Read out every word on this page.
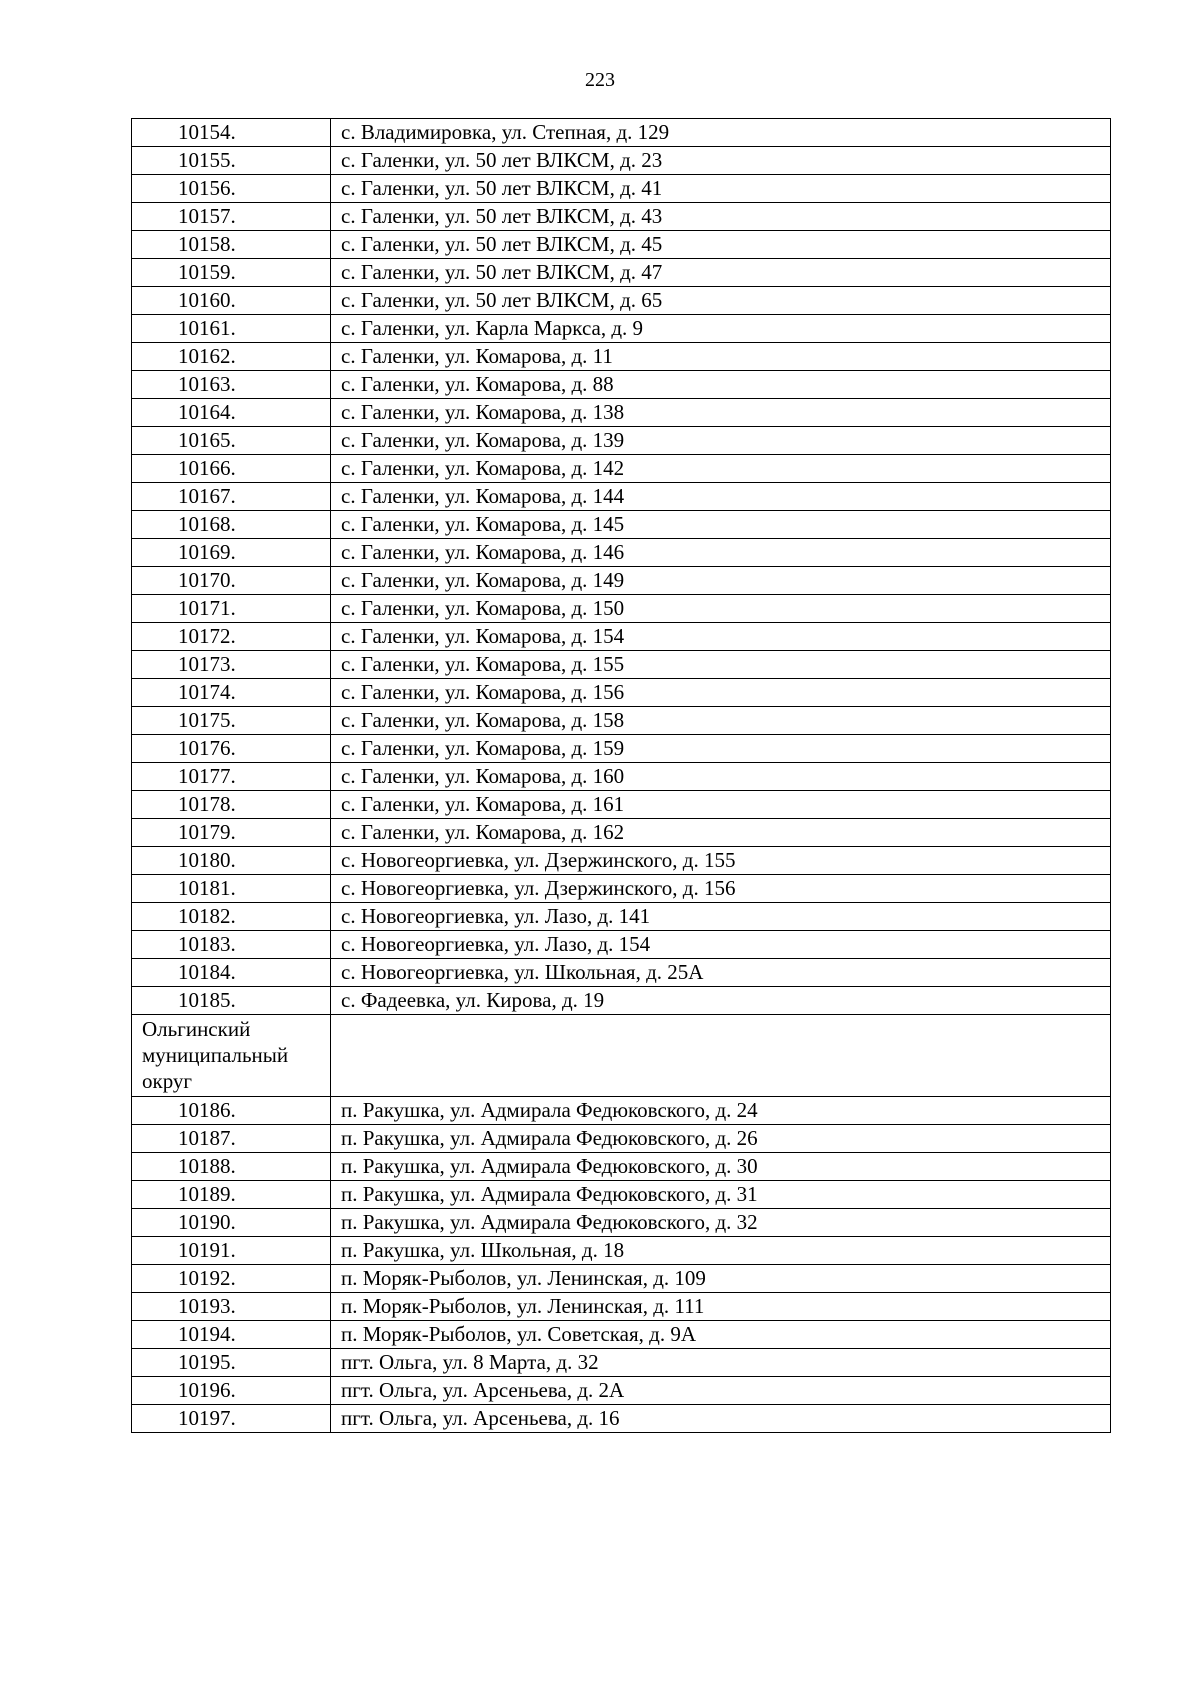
223
10154.	с. Владимировка, ул. Степная, д. 129
10155.	с. Галенки, ул. 50 лет ВЛКСМ, д. 23
10156.	с. Галенки, ул. 50 лет ВЛКСМ, д. 41
10157.	с. Галенки, ул. 50 лет ВЛКСМ, д. 43
10158.	с. Галенки, ул. 50 лет ВЛКСМ, д. 45
10159.	с. Галенки, ул. 50 лет ВЛКСМ, д. 47
10160.	с. Галенки, ул. 50 лет ВЛКСМ, д. 65
10161.	с. Галенки, ул. Карла Маркса, д. 9
10162.	с. Галенки, ул. Комарова, д. 11
10163.	с. Галенки, ул. Комарова, д. 88
10164.	с. Галенки, ул. Комарова, д. 138
10165.	с. Галенки, ул. Комарова, д. 139
10166.	с. Галенки, ул. Комарова, д. 142
10167.	с. Галенки, ул. Комарова, д. 144
10168.	с. Галенки, ул. Комарова, д. 145
10169.	с. Галенки, ул. Комарова, д. 146
10170.	с. Галенки, ул. Комарова, д. 149
10171.	с. Галенки, ул. Комарова, д. 150
10172.	с. Галенки, ул. Комарова, д. 154
10173.	с. Галенки, ул. Комарова, д. 155
10174.	с. Галенки, ул. Комарова, д. 156
10175.	с. Галенки, ул. Комарова, д. 158
10176.	с. Галенки, ул. Комарова, д. 159
10177.	с. Галенки, ул. Комарова, д. 160
10178.	с. Галенки, ул. Комарова, д. 161
10179.	с. Галенки, ул. Комарова, д. 162
10180.	с. Новогеоргиевка, ул. Дзержинского, д. 155
10181.	с. Новогеоргиевка, ул. Дзержинского, д. 156
10182.	с. Новогеоргиевка, ул. Лазо, д. 141
10183.	с. Новогеоргиевка, ул. Лазо, д. 154
10184.	с. Новогеоргиевка, ул. Школьная, д. 25А
10185.	с. Фадеевка, ул. Кирова, д. 19

Ольгинский
муниципальный
округ	

10186.	п. Ракушка, ул. Адмирала Федюковского, д. 24
10187.	п. Ракушка, ул. Адмирала Федюковского, д. 26
10188.	п. Ракушка, ул. Адмирала Федюковского, д. 30
10189.	п. Ракушка, ул. Адмирала Федюковского, д. 31
10190.	п. Ракушка, ул. Адмирала Федюковского, д. 32
10191.	п. Ракушка, ул. Школьная, д. 18
10192.	п. Моряк-Рыболов, ул. Ленинская, д. 109
10193.	п. Моряк-Рыболов, ул. Ленинская, д. 111
10194.	п. Моряк-Рыболов, ул. Советская, д. 9А
10195.	пгт. Ольга, ул. 8 Марта, д. 32
10196.	пгт. Ольга, ул. Арсеньева, д. 2А
10197.	пгт. Ольга, ул. Арсеньева, д. 16
